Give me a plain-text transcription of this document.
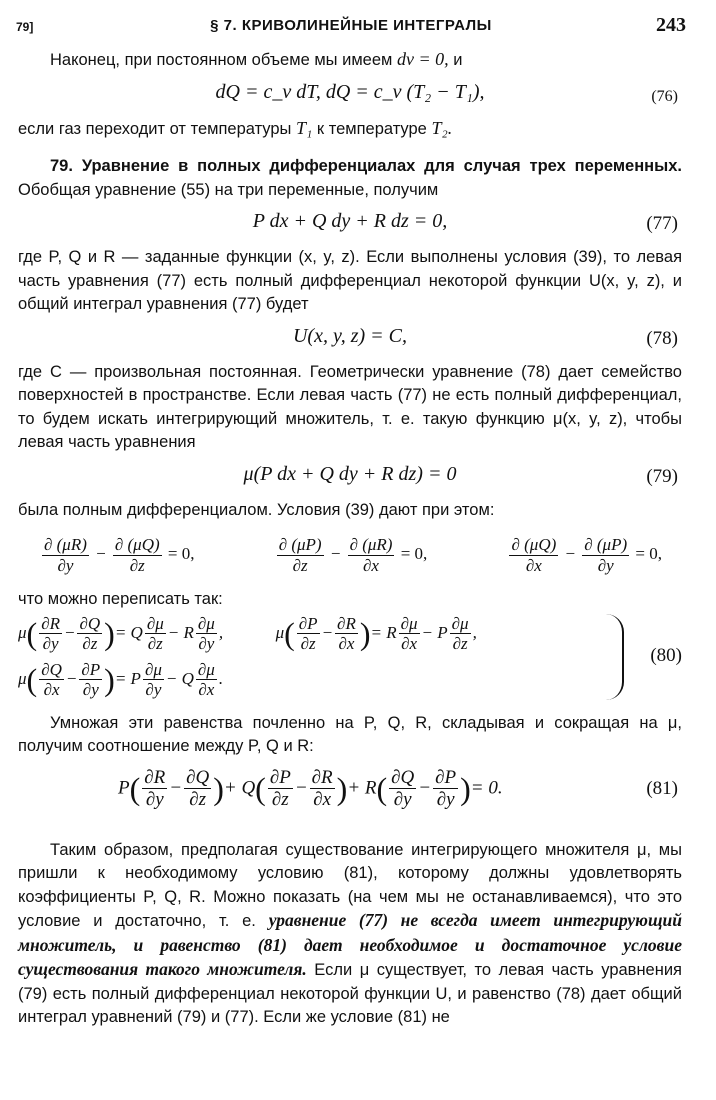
79]	§ 7. КРИВОЛИНЕЙНЫЕ ИНТЕГРАЛЫ	243

Наконец, при постоянном объеме мы имеем dv = 0, и

dQ = c_v dT, dQ = c_v (T₂ − T₁),	(76)

если газ переходит от температуры T₁ к температуре T₂.

79. Уравнение в полных дифференциалах для случая трех переменных. Обобщая уравнение (55) на три переменные, получим

P dx + Q dy + R dz = 0,	(77)

где P, Q и R — заданные функции (x, y, z). Если выполнены условия (39), то левая часть уравнения (77) есть полный дифференциал некоторой функции U(x, y, z), и общий интеграл уравнения (77) будет

U(x, y, z) = C,	(78)

где C — произвольная постоянная. Геометрически уравнение (78) дает семейство поверхностей в пространстве. Если левая часть (77) не есть полный дифференциал, то будем искать интегрирующий множитель, т. е. такую функцию μ(x, y, z), чтобы левая часть уравнения

μ(P dx + Q dy + R dz) = 0	(79)

была полным дифференциалом. Условия (39) дают при этом:

$\frac{\partial (\mu R)}{\partial y} - \frac{\partial (\mu Q)}{\partial z} = 0$,	$\frac{\partial (\mu P)}{\partial z} - \frac{\partial (\mu R)}{\partial x} = 0$,	$\frac{\partial (\mu Q)}{\partial x} - \frac{\partial (\mu P)}{\partial y} = 0$,

что можно переписать так:

$\mu( \frac{\partial R}{\partial y} - \frac{\partial Q}{\partial z}$ )= Q $\frac{\partial\mu}{\partial z} - R \frac{\partial\mu}{\partial y}$ ,	$\mu( \frac{\partial P}{\partial z} - \frac{\partial R}{\partial x}$ )= R $\frac{\partial\mu}{\partial x} - P \frac{\partial\mu}{\partial z}$ ,
$\mu( \frac{\partial Q}{\partial x} - \frac{\partial P}{\partial y}$ )= P $\frac{\partial\mu}{\partial y} - Q \frac{\partial\mu}{\partial x}$ .
(80)

Умножая эти равенства почленно на P, Q, R, складывая и сокращая на μ, получим соотношение между P, Q и R:

$P( \frac{\partial R}{\partial y} - \frac{\partial Q}{\partial z}$ )+ $Q( \frac{\partial P}{\partial z} - \frac{\partial R}{\partial x}$ )+ $R( \frac{\partial Q}{\partial y} - \frac{\partial P}{\partial y}$ )= 0.	(81)

Таким образом, предполагая существование интегрирующего множителя μ, мы пришли к необходимому условию (81), которому должны удовлетворять коэффициенты P, Q, R. Можно показать (на чем мы не останавливаемся), что это условие и достаточно, т. е. уравнение (77) не всегда имеет интегрирующий множитель, и равенство (81) дает необходимое и достаточное условие существования такого множителя. Если μ существует, то левая часть уравнения (79) есть полный дифференциал некоторой функции U, и равенство (78) дает общий интеграл уравнений (79) и (77). Если же условие (81) не
